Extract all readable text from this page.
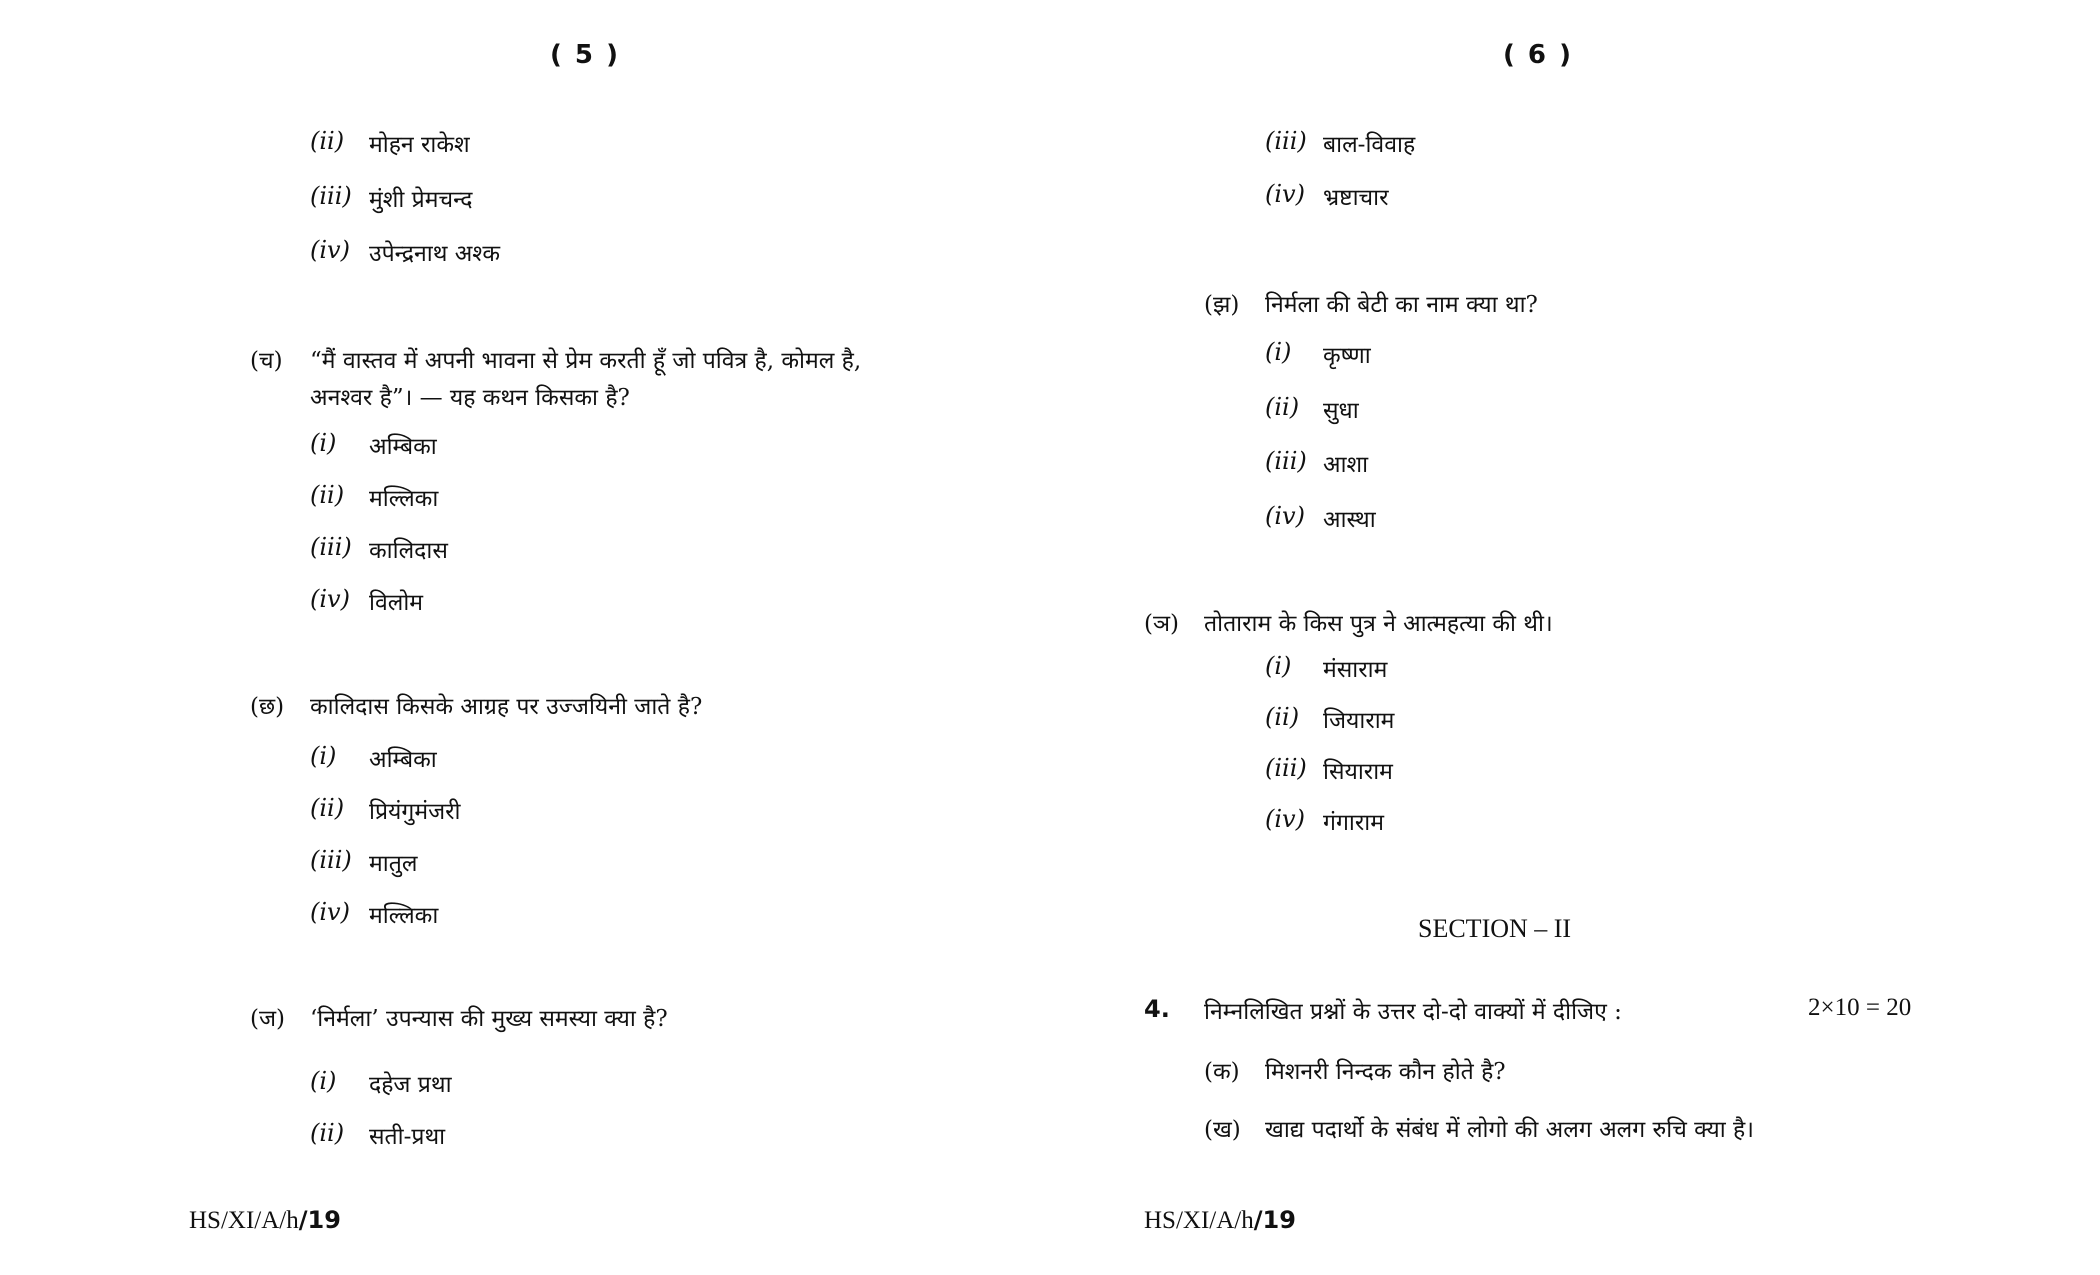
( 5 )
(ii) मोहन राकेश
(iii) मुंशी प्रेमचन्द
(iv) उपेन्द्रनाथ अश्क
(च) “मैं वास्तव में अपनी भावना से प्रेम करती हूँ जो पवित्र है, कोमल है,
अनश्वर है”। — यह कथन किसका है?
(i) अम्बिका
(ii) मल्लिका
(iii) कालिदास
(iv) विलोम
(छ) कालिदास किसके आग्रह पर उज्जयिनी जाते है?
(i) अम्बिका
(ii) प्रियंगुमंजरी
(iii) मातुल
(iv) मल्लिका
(ज) ‘निर्मला’ उपन्यास की मुख्य समस्या क्या है?
(i) दहेज प्रथा
(ii) सती-प्रथा
HS/XI/A/h/19
( 6 )
(iii) बाल-विवाह
(iv) भ्रष्टाचार
(झ) निर्मला की बेटी का नाम क्या था?
(i) कृष्णा
(ii) सुधा
(iii) आशा
(iv) आस्था
(ञ) तोताराम के किस पुत्र ने आत्महत्या की थी।
(i) मंसाराम
(ii) जियाराम
(iii) सियाराम
(iv) गंगाराम
SECTION – II
4. निम्नलिखित प्रश्नों के उत्तर दो-दो वाक्यों में दीजिए :	2×10 = 20
(क) मिशनरी निन्दक कौन होते है?
(ख) खाद्य पदार्थो के संबंध में लोगो की अलग अलग रुचि क्या है।
HS/XI/A/h/19
